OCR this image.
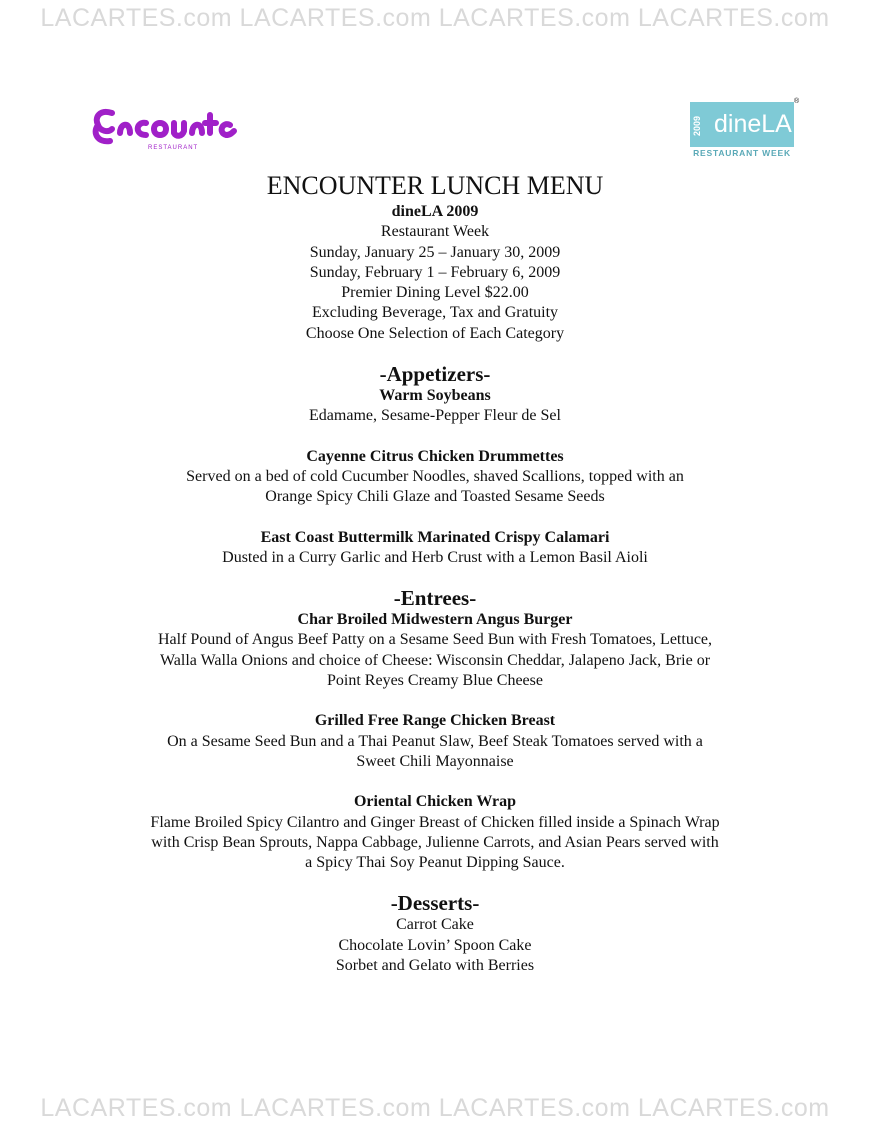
LACARTES.com LACARTES.com LACARTES.com LACARTES.com
RESTAURANT
2009 dineLA
®
RESTAURANT WEEK
ENCOUNTER LUNCH MENU
dineLA 2009
Restaurant Week
Sunday, January 25 – January 30, 2009
Sunday, February 1 – February 6, 2009
Premier Dining Level $22.00
Excluding Beverage, Tax and Gratuity
Choose One Selection of Each Category
-Appetizers-
Warm Soybeans
Edamame, Sesame-Pepper Fleur de Sel
Cayenne Citrus Chicken Drummettes
Served on a bed of cold Cucumber Noodles, shaved Scallions, topped with an
Orange Spicy Chili Glaze and Toasted Sesame Seeds
East Coast Buttermilk Marinated Crispy Calamari
Dusted in a Curry Garlic and Herb Crust with a Lemon Basil Aioli
-Entrees-
Char Broiled Midwestern Angus Burger
Half Pound of Angus Beef Patty on a Sesame Seed Bun with Fresh Tomatoes, Lettuce,
Walla Walla Onions and choice of Cheese: Wisconsin Cheddar, Jalapeno Jack, Brie or
Point Reyes Creamy Blue Cheese
Grilled Free Range Chicken Breast
On a Sesame Seed Bun and a Thai Peanut Slaw, Beef Steak Tomatoes served with a
Sweet Chili Mayonnaise
Oriental Chicken Wrap
Flame Broiled Spicy Cilantro and Ginger Breast of Chicken filled inside a Spinach Wrap
with Crisp Bean Sprouts, Nappa Cabbage, Julienne Carrots, and Asian Pears served with
a Spicy Thai Soy Peanut Dipping Sauce.
-Desserts-
Carrot Cake
Chocolate Lovin’ Spoon Cake
Sorbet and Gelato with Berries
LACARTES.com LACARTES.com LACARTES.com LACARTES.com
